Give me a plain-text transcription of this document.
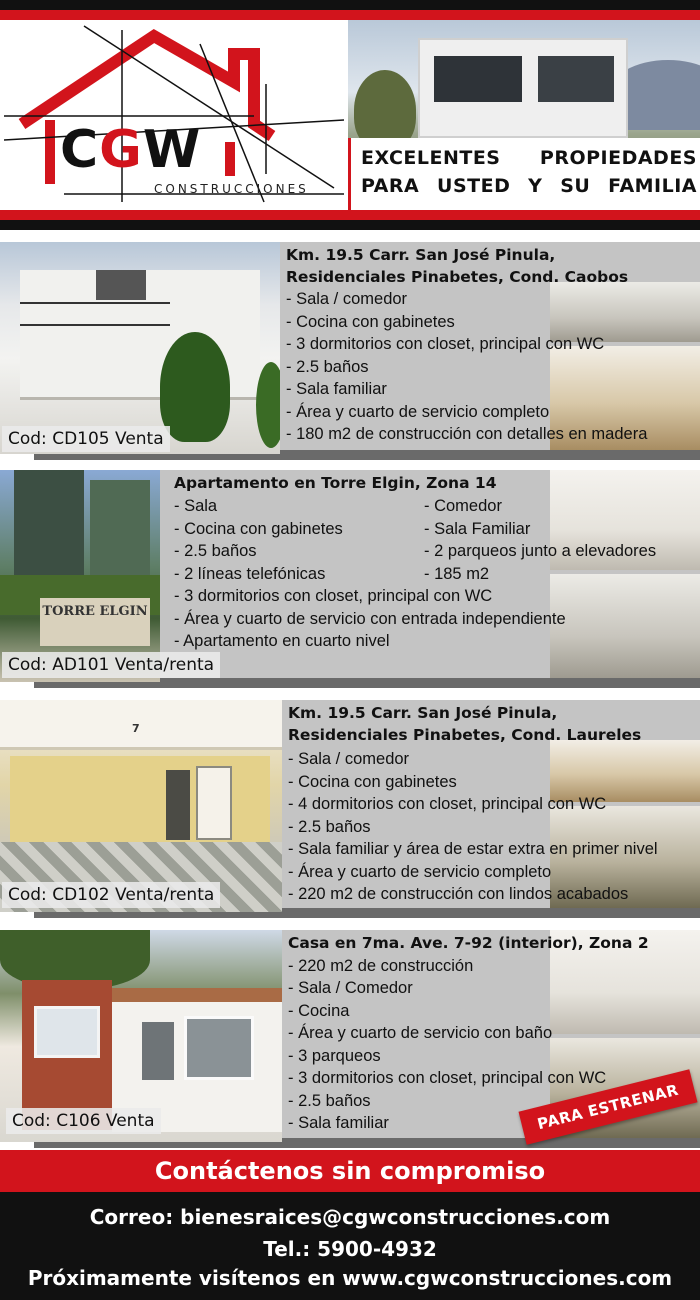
CGW
CONSTRUCCIONES
EXCELENTES PROPIEDADES
PARA USTED Y SU FAMILIA
Cod: CD105 Venta
Km. 19.5 Carr. San José Pinula,
Residenciales Pinabetes, Cond. Caobos
- Sala / comedor
- Cocina con gabinetes
- 3 dormitorios con closet, principal con WC
- 2.5 baños
- Sala familiar
- Área y cuarto de servicio completo
- 180 m2 de construcción con detalles en madera
TORRE ELGIN
Cod: AD101 Venta/renta
Apartamento en Torre Elgin, Zona 14
- Sala
- Cocina con gabinetes
- 2.5 baños
- 2 líneas telefónicas
- Comedor
- Sala Familiar
- 2 parqueos junto a elevadores
- 185 m2
- 3 dormitorios con closet, principal con WC
- Área y cuarto de servicio con entrada independiente
- Apartamento en cuarto nivel
7
Cod: CD102 Venta/renta
Km. 19.5 Carr. San José Pinula,
Residenciales Pinabetes, Cond. Laureles
- Sala / comedor
- Cocina con gabinetes
- 4 dormitorios con closet, principal con WC
- 2.5 baños
- Sala familiar y área de estar extra en primer nivel
- Área y cuarto de servicio completo
- 220 m2 de construcción con lindos acabados
Cod: C106 Venta
Casa en 7ma. Ave. 7-92 (interior), Zona 2
- 220 m2 de construcción
- Sala / Comedor
- Cocina
- Área y cuarto de servicio con baño
- 3 parqueos
- 3 dormitorios con closet, principal con WC
- 2.5 baños
- Sala familiar	PARA ESTRENAR
Contáctenos sin compromiso
Correo: bienesraices@cgwconstrucciones.com
Tel.: 5900-4932
Próximamente visítenos en www.cgwconstrucciones.com
